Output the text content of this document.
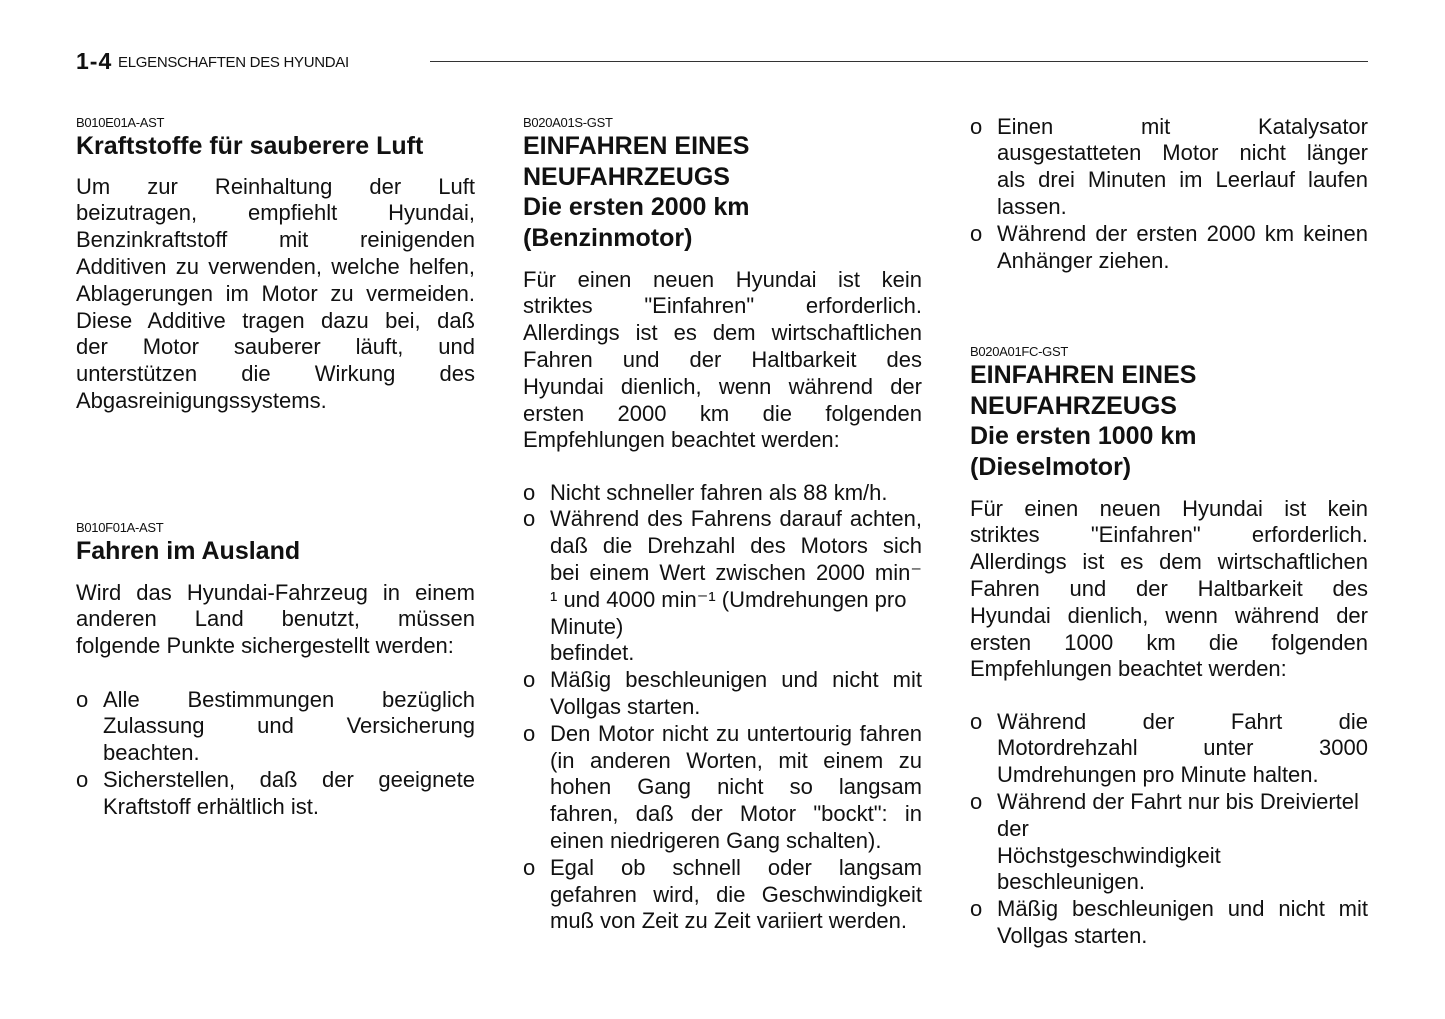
1-4 ELGENSCHAFTEN DES HYUNDAI
B010E01A-AST
Kraftstoffe für sauberere Luft
Um zur Reinhaltung der Luft
beizutragen, empfiehlt Hyundai,
Benzinkraftstoff mit reinigenden
Additiven zu verwenden, welche helfen,
Ablagerungen im Motor zu vermeiden.
Diese Additive tragen dazu bei, daß
der Motor sauberer läuft, und
unterstützen die Wirkung des
Abgasreinigungssystems.
B010F01A-AST
Fahren im Ausland
Wird das Hyundai-Fahrzeug in einem
anderen Land benutzt, müssen
folgende Punkte sichergestellt werden:
o Alle Bestimmungen bezüglich
Zulassung und Versicherung
beachten.
o Sicherstellen, daß der geeignete
Kraftstoff erhältlich ist.
B020A01S-GST
EINFAHREN EINES
NEUFAHRZEUGS
Die ersten 2000 km
(Benzinmotor)
Für einen neuen Hyundai ist kein
striktes "Einfahren" erforderlich.
Allerdings ist es dem wirtschaftlichen
Fahren und der Haltbarkeit des
Hyundai dienlich, wenn während der
ersten 2000 km die folgenden
Empfehlungen beachtet werden:
o Nicht schneller fahren als 88 km/h.
o Während des Fahrens darauf achten,
daß die Drehzahl des Motors sich
bei einem Wert zwischen 2000 min⁻
¹ und 4000 min⁻¹ (Umdrehungen pro
Minute)
befindet.
o Mäßig beschleunigen und nicht mit
Vollgas starten.
o Den Motor nicht zu untertourig fahren
(in anderen Worten, mit einem zu
hohen Gang nicht so langsam
fahren, daß der Motor "bockt": in
einen niedrigeren Gang schalten).
o Egal ob schnell oder langsam
gefahren wird, die Geschwindigkeit
muß von Zeit zu Zeit variiert werden.
o Einen mit Katalysator
ausgestatteten Motor nicht länger
als drei Minuten im Leerlauf laufen
lassen.
o Während der ersten 2000 km keinen
Anhänger ziehen.
B020A01FC-GST
EINFAHREN EINES
NEUFAHRZEUGS
Die ersten 1000 km
(Dieselmotor)
Für einen neuen Hyundai ist kein
striktes "Einfahren" erforderlich.
Allerdings ist es dem wirtschaftlichen
Fahren und der Haltbarkeit des
Hyundai dienlich, wenn während der
ersten 1000 km die folgenden
Empfehlungen beachtet werden:
o Während der Fahrt die
Motordrehzahl unter 3000
Umdrehungen pro Minute halten.
o Während der Fahrt nur bis Dreiviertel
der
Höchstgeschwindigkeit
beschleunigen.
o Mäßig beschleunigen und nicht mit
Vollgas starten.
